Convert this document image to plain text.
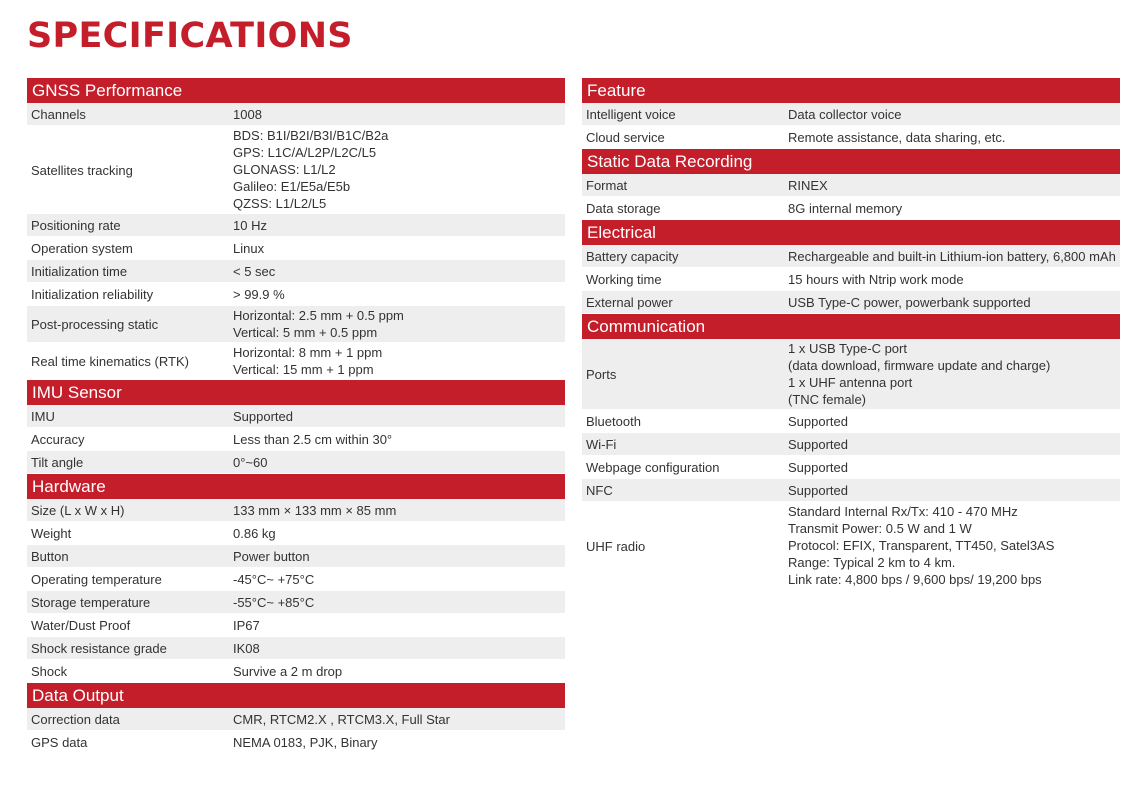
SPECIFICATIONS
GNSS Performance
Channels	1008

Satellites tracking	BDS: B1I/B2I/B3I/B1C/B2a
GPS: L1C/A/L2P/L2C/L5
GLONASS: L1/L2
Galileo: E1/E5a/E5b
QZSS: L1/L2/L5

Positioning rate	10 Hz

Operation system	Linux

Initialization time	< 5 sec

Initialization reliability	> 99.9 %

Post-processing static	Horizontal: 2.5 mm + 0.5 ppm
Vertical: 5 mm + 0.5 ppm

Real time kinematics (RTK)	Horizontal: 8 mm + 1 ppm
Vertical: 15 mm + 1 ppm
IMU Sensor
IMU	Supported

Accuracy	Less than 2.5 cm within 30°

Tilt angle	0°~60
Hardware
Size (L x W x H)	133 mm × 133 mm × 85 mm

Weight	0.86 kg

Button	Power button

Operating temperature	-45°C~ +75°C

Storage temperature	-55°C~ +85°C

Water/Dust Proof	IP67

Shock resistance grade	IK08

Shock	Survive a 2 m drop
Data Output
Correction data	CMR, RTCM2.X , RTCM3.X, Full Star

GPS data	NEMA 0183, PJK, Binary
Feature
Intelligent voice	Data collector voice

Cloud service	Remote assistance, data sharing, etc.
Static Data Recording
Format	RINEX

Data storage	8G internal memory
Electrical
Battery capacity	Rechargeable and built-in Lithium-ion battery, 6,800 mAh

Working time	15 hours with Ntrip work mode

External power	USB Type-C power, powerbank supported
Communication
Ports	1 x USB Type-C port
(data download, firmware update and charge)
1 x UHF antenna port
(TNC female)

Bluetooth	Supported

Wi-Fi	Supported

Webpage configuration	Supported

NFC	Supported

UHF radio	Standard Internal Rx/Tx: 410 - 470 MHz
Transmit Power: 0.5 W and 1 W
Protocol: EFIX, Transparent, TT450, Satel3AS
Range: Typical 2 km to 4 km.
Link rate: 4,800 bps / 9,600 bps/ 19,200 bps
